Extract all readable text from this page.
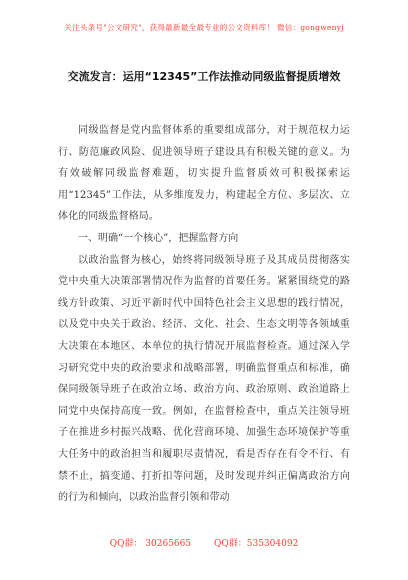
关注头条号"公文研究"，获得最新最全最专业的公文资料库！ 微信：gongwenyj
交流发言：运用“12345”工作法推动同级监督提质增效

同级监督是党内监督体系的重要组成部分，对于规范权力运行、防范廉政风险、促进领导班子建设具有积极关键的意义。为有效破解同级监督难题，切实提升监督质效可积极探索运用“12345”工作法，从多维度发力，构建起全方位、多层次、立体化的同级监督格局。

一、明确“一个核心”，把握监督方向

以政治监督为核心，始终将同级领导班子及其成员贯彻落实党中央重大决策部署情况作为监督的首要任务。紧紧围绕党的路线方针政策、习近平新时代中国特色社会主义思想的践行情况，以及党中央关于政治、经济、文化、社会、生态文明等各领域重大决策在本地区、本单位的执行情况开展监督检查。通过深入学习研究党中央的政治要求和战略部署，明确监督重点和标准，确保同级领导班子在政治立场、政治方向、政治原则、政治道路上同党中央保持高度一致。例如，在监督检查中，重点关注领导班子在推进乡村振兴战略、优化营商环境、加强生态环境保护等重大任务中的政治担当和履职尽责情况，看是否存在有令不行、有禁不止，搞变通、打折扣等问题，及时发现并纠正偏离政治方向的行为和倾向，以政治监督引领和带动

QQ群： 30265665	QQ群：535304092
